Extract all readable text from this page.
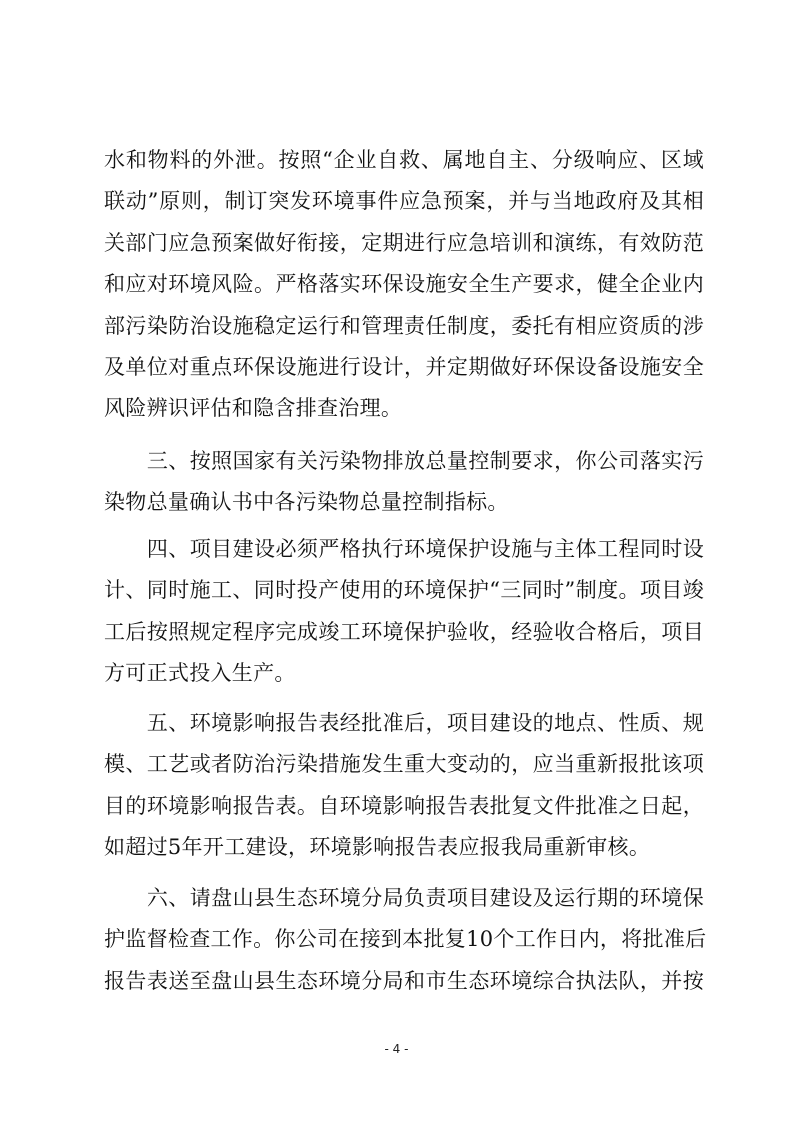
水和物料的外泄。按照“企业自救、属地自主、分级响应、区域
联动”原则，制订突发环境事件应急预案，并与当地政府及其相
关部门应急预案做好衔接，定期进行应急培训和演练，有效防范
和应对环境风险。严格落实环保设施安全生产要求，健全企业内
部污染防治设施稳定运行和管理责任制度，委托有相应资质的涉
及单位对重点环保设施进行设计，并定期做好环保设备设施安全
风险辨识评估和隐含排查治理。
　　三、按照国家有关污染物排放总量控制要求，你公司落实污
染物总量确认书中各污染物总量控制指标。
　　四、项目建设必须严格执行环境保护设施与主体工程同时设
计、同时施工、同时投产使用的环境保护“三同时”制度。项目竣
工后按照规定程序完成竣工环境保护验收，经验收合格后，项目
方可正式投入生产。
　　五、环境影响报告表经批准后，项目建设的地点、性质、规
模、工艺或者防治污染措施发生重大变动的，应当重新报批该项
目的环境影响报告表。自环境影响报告表批复文件批准之日起，
如超过5年开工建设，环境影响报告表应报我局重新审核。
　　六、请盘山县生态环境分局负责项目建设及运行期的环境保
护监督检查工作。你公司在接到本批复10个工作日内，将批准后
报告表送至盘山县生态环境分局和市生态环境综合执法队，并按
- 4 -
